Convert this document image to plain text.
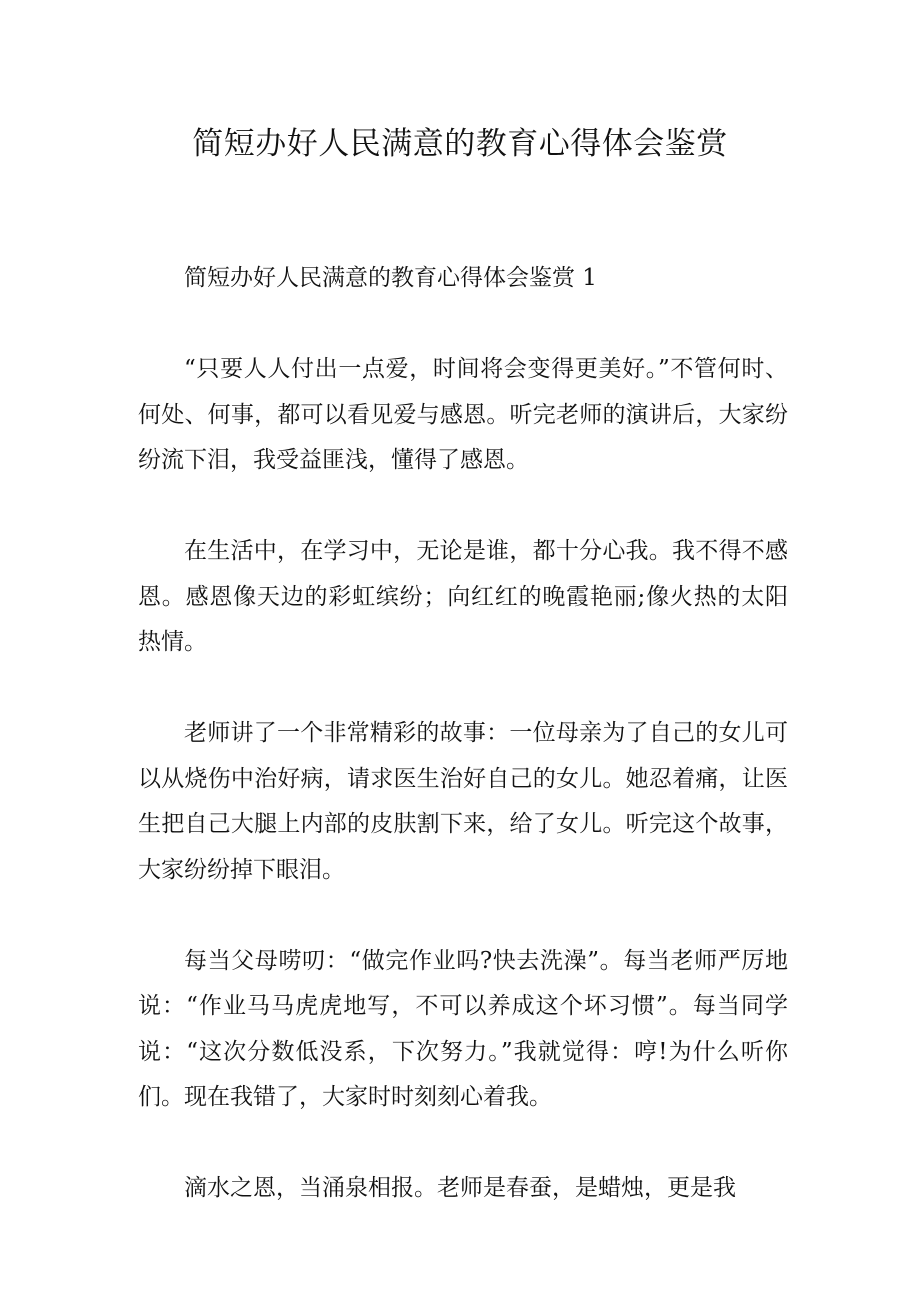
简短办好人民满意的教育心得体会鉴赏

简短办好人民满意的教育心得体会鉴赏 1

“只要人人付出一点爱，时间将会变得更美好。”不管何时、何处、何事，都可以看见爱与感恩。听完老师的演讲后，大家纷纷流下泪，我受益匪浅，懂得了感恩。

在生活中，在学习中，无论是谁，都十分心我。我不得不感恩。感恩像天边的彩虹缤纷；向红红的晚霞艳丽;像火热的太阳热情。

老师讲了一个非常精彩的故事：一位母亲为了自己的女儿可以从烧伤中治好病，请求医生治好自己的女儿。她忍着痛，让医生把自己大腿上内部的皮肤割下来，给了女儿。听完这个故事，大家纷纷掉下眼泪。

每当父母唠叨：“做完作业吗?快去洗澡”。每当老师严厉地说：“作业马马虎虎地写，不可以养成这个坏习惯”。每当同学说：“这次分数低没系，下次努力。”我就觉得：哼!为什么听你们。现在我错了，大家时时刻刻心着我。

滴水之恩，当涌泉相报。老师是春蚕，是蜡烛，更是我
